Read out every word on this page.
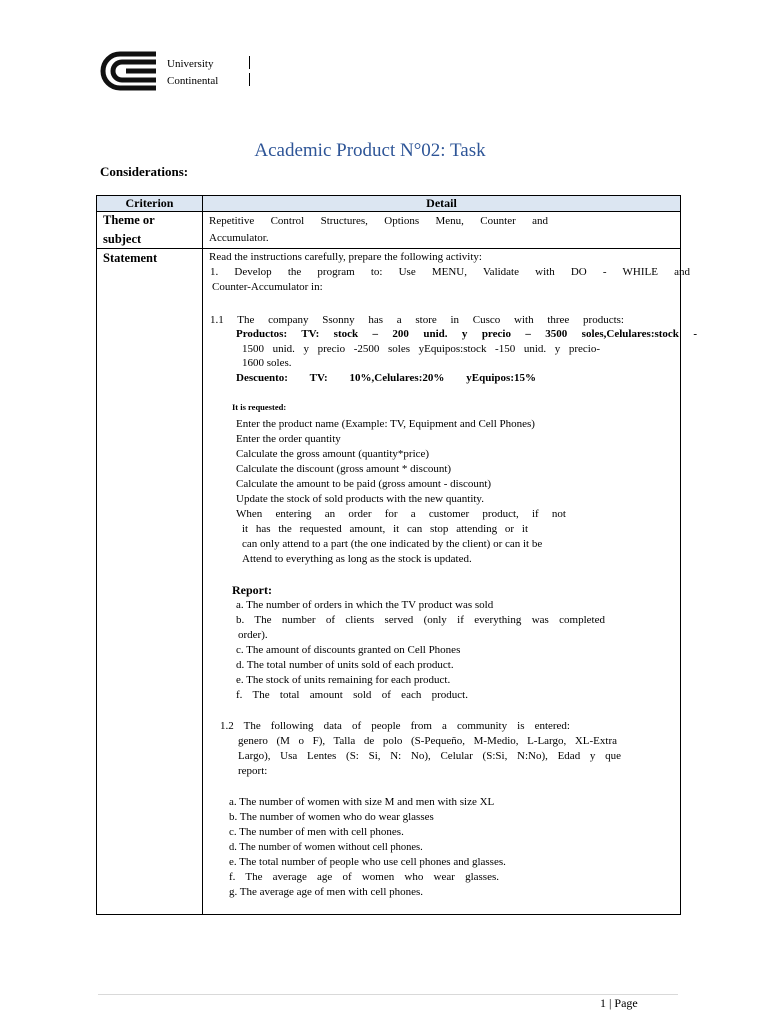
University
Continental
Academic Product N°02: Task
Considerations:
Criterion	Detail
Theme or
subject
Repetitive Control Structures, Options Menu, Counter and
Accumulator.
Statement	Read the instructions carefully, prepare the following activity:
1. Develop the program to: Use MENU, Validate with DO - WHILE and
Counter-Accumulator in:
1.1 The company Ssonny has a store in Cusco with three products:
Productos: TV: stock – 200 unid. y precio – 3500 soles,Celulares:stock -
1500 unid. y precio -2500 soles yEquipos:stock -150 unid. y precio-
1600 soles.
Descuento: TV: 10%,Celulares:20% yEquipos:15%
It is requested:
Enter the product name (Example: TV, Equipment and Cell Phones)
Enter the order quantity
Calculate the gross amount (quantity*price)
Calculate the discount (gross amount * discount)
Calculate the amount to be paid (gross amount - discount)
Update the stock of sold products with the new quantity.
When entering an order for a customer product, if not
it has the requested amount, it can stop attending or it
can only attend to a part (the one indicated by the client) or can it be
Attend to everything as long as the stock is updated.
Report:
a. The number of orders in which the TV product was sold
b. The number of clients served (only if everything was completed
order).
c. The amount of discounts granted on Cell Phones
d. The total number of units sold of each product.
e. The stock of units remaining for each product.
f. The total amount sold of each product.
1.2 The following data of people from a community is entered:
genero (M o F), Talla de polo (S-Pequeño, M-Medio, L-Largo, XL-Extra
Largo), Usa Lentes (S: Si, N: No), Celular (S:Si, N:No), Edad y que
report:
a. The number of women with size M and men with size XL
b. The number of women who do wear glasses
c. The number of men with cell phones.
d. The number of women without cell phones.
e. The total number of people who use cell phones and glasses.
f. The average age of women who wear glasses.
g. The average age of men with cell phones.
1 | Page
